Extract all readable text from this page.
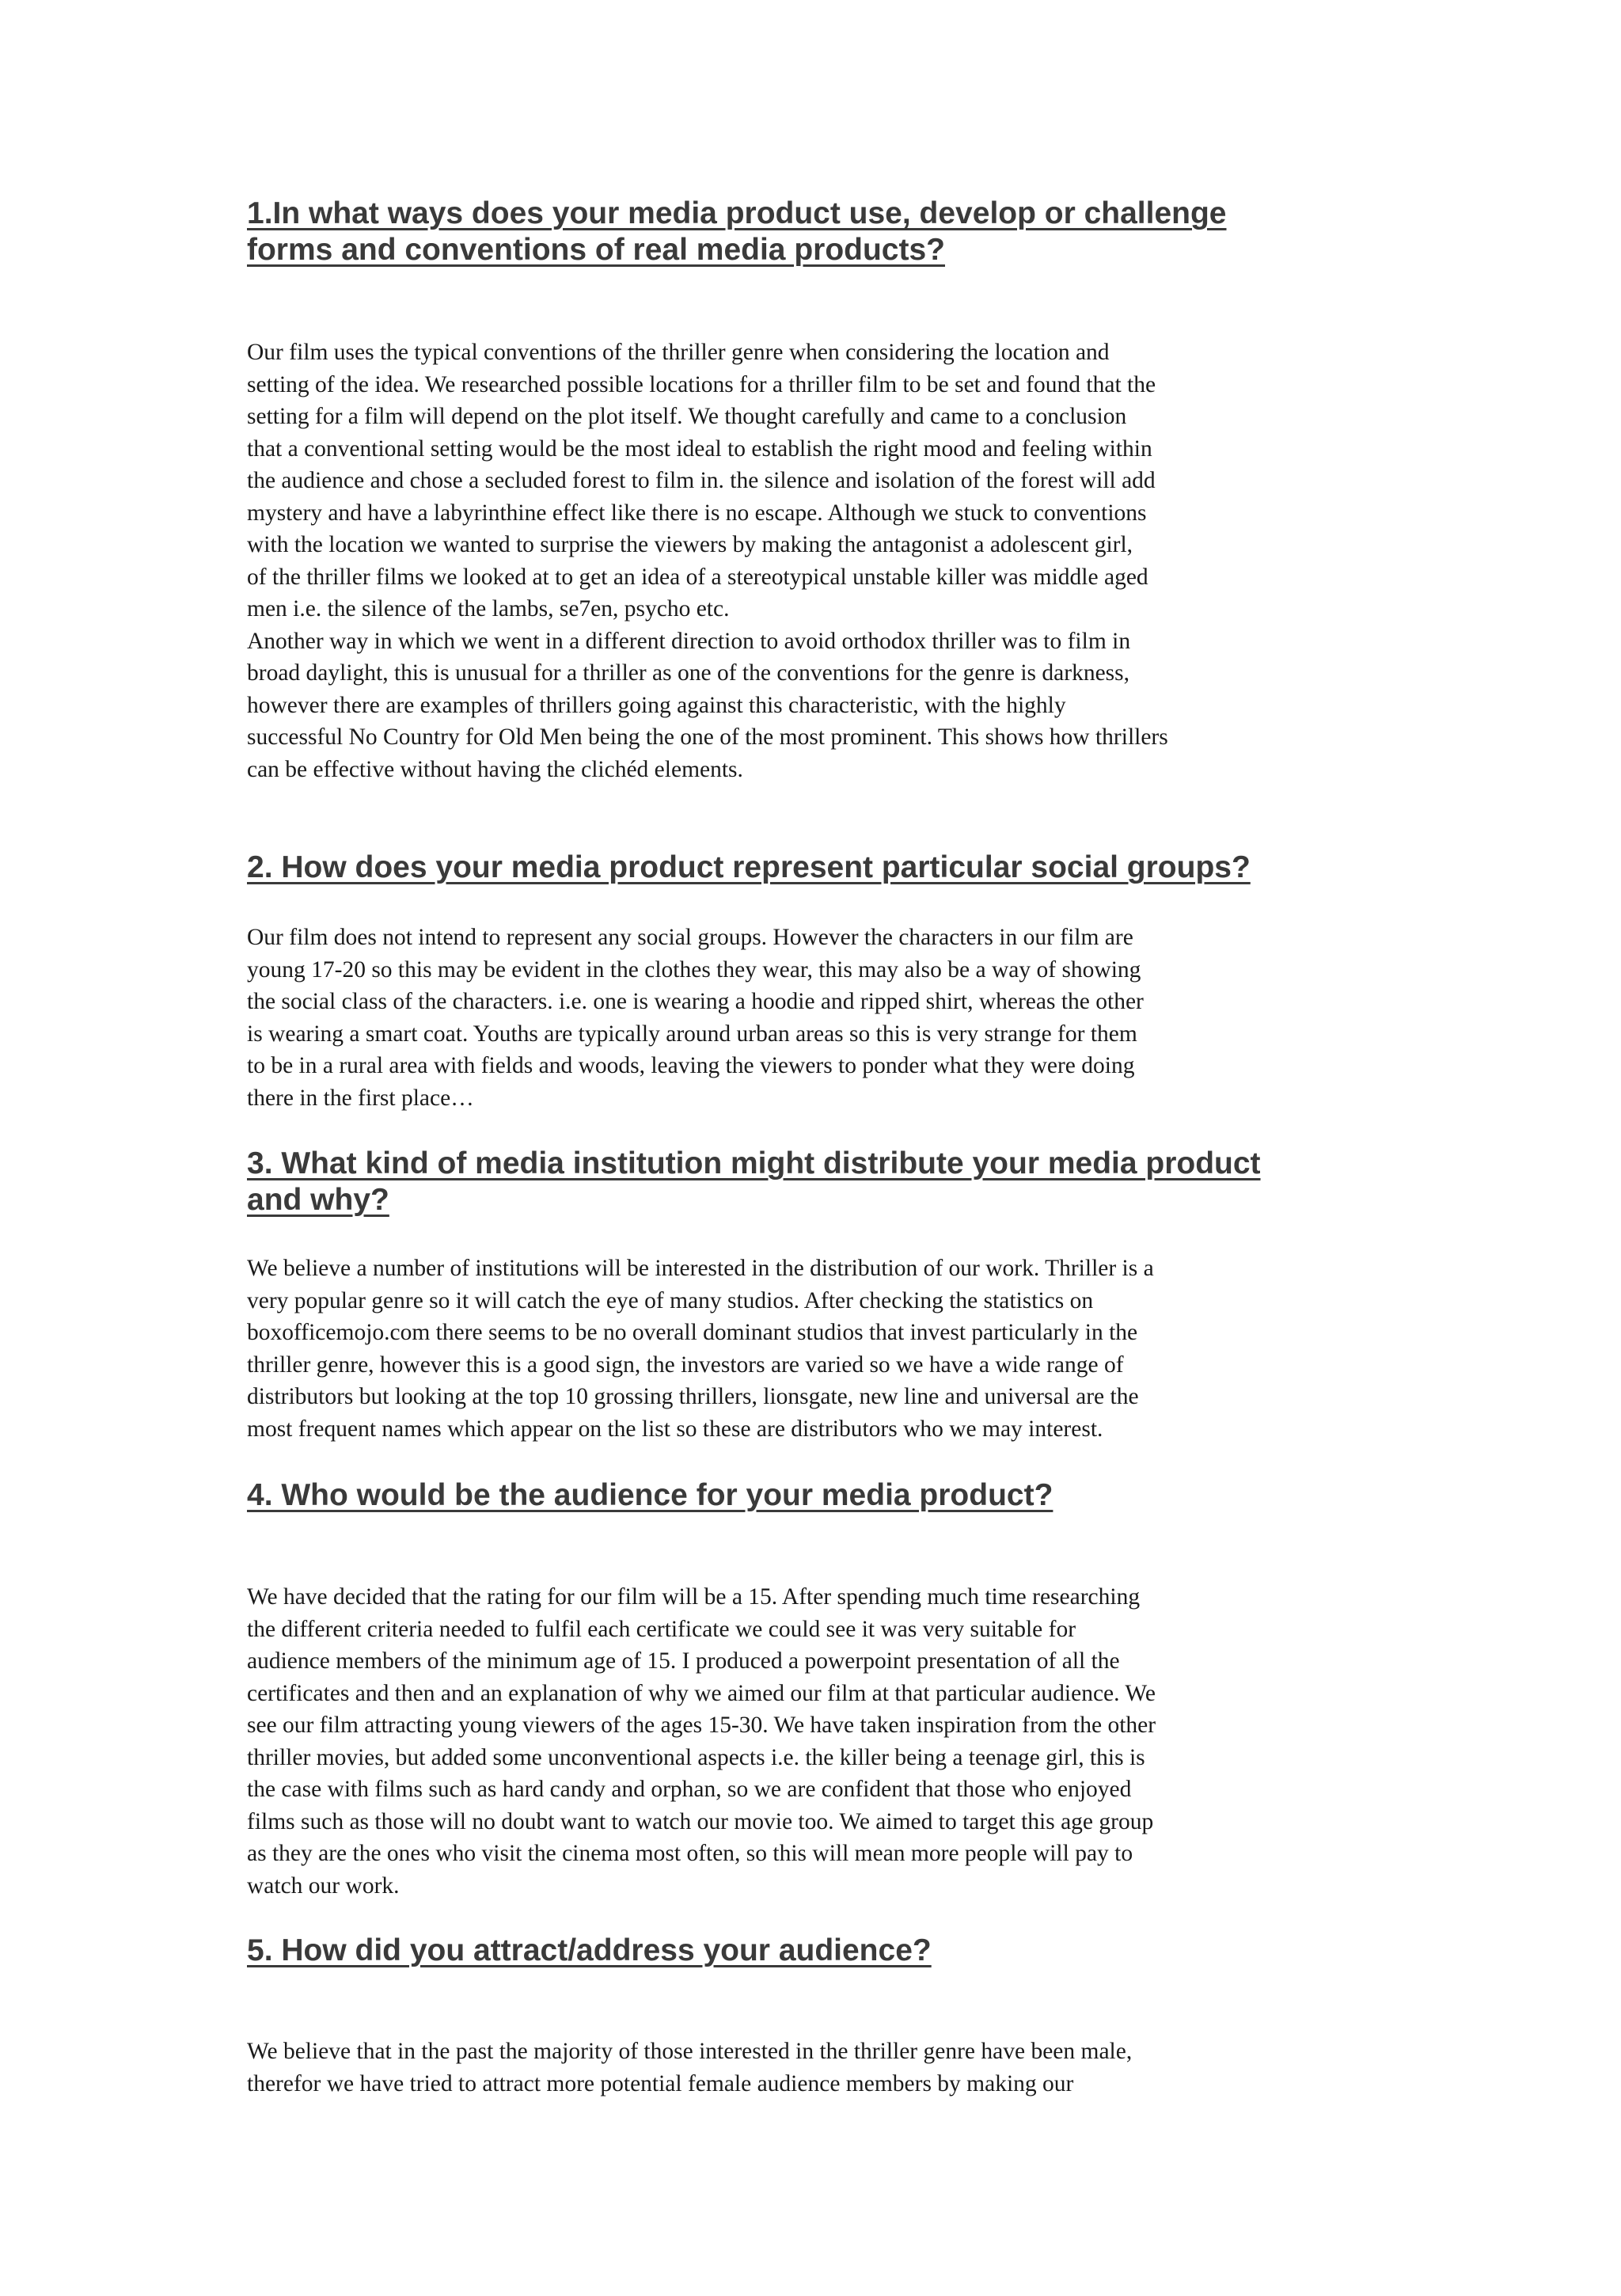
1.In what ways does your media product use, develop or challenge
forms and conventions of real media products?
Our film uses the typical conventions of the thriller genre when considering the location and
setting of the idea. We researched possible locations for a thriller film to be set and found that the
setting for a film will depend on the plot itself. We thought carefully and came to a conclusion
that a conventional setting would be the most ideal to establish the right mood and feeling within
the audience and chose a secluded forest to film in. the silence and isolation of the forest will add
mystery and have a labyrinthine effect like there is no escape. Although we stuck to conventions
with the location we wanted to surprise the viewers by making the antagonist a adolescent girl,
of the thriller films we looked at to get an idea of a stereotypical unstable killer was middle aged
men i.e. the silence of the lambs, se7en, psycho etc.
Another way in which we went in a different direction to avoid orthodox thriller was to film in
broad daylight, this is unusual for a thriller as one of the conventions for the genre is darkness,
however there are examples of thrillers going against this characteristic, with the highly
successful No Country for Old Men being the one of the most prominent. This shows how thrillers
can be effective without having the clichéd elements.
2. How does your media product represent particular social groups?
Our film does not intend to represent any social groups. However the characters in our film are
young 17-20 so this may be evident in the clothes they wear, this may also be a way of showing
the social class of the characters. i.e. one is wearing a hoodie and ripped shirt, whereas the other
is wearing a smart coat. Youths are typically around urban areas so this is very strange for them
to be in a rural area with fields and woods, leaving the viewers to ponder what they were doing
there in the first place…
3. What kind of media institution might distribute your media product
and why?
We believe a number of institutions will be interested in the distribution of our work. Thriller is a
very popular genre so it will catch the eye of many studios. After checking the statistics on
boxofficemojo.com there seems to be no overall dominant studios that invest particularly in the
thriller genre, however this is a good sign, the investors are varied so we have a wide range of
distributors but looking at the top 10 grossing thrillers, lionsgate, new line and universal are the
most frequent names which appear on the list so these are distributors who we may interest.
4. Who would be the audience for your media product?
We have decided that the rating for our film will be a 15. After spending much time researching
the different criteria needed to fulfil each certificate we could see it was very suitable for
audience members of the minimum age of 15. I produced a powerpoint presentation of all the
certificates and then and an explanation of why we aimed our film at that particular audience. We
see our film attracting young viewers of the ages 15-30. We have taken inspiration from the other
thriller movies, but added some unconventional aspects i.e. the killer being a teenage girl, this is
the case with films such as hard candy and orphan, so we are confident that those who enjoyed
films such as those will no doubt want to watch our movie too. We aimed to target this age group
as they are the ones who visit the cinema most often, so this will mean more people will pay to
watch our work.
5. How did you attract/address your audience?
We believe that in the past the majority of those interested in the thriller genre have been male,
therefor we have tried to attract more potential female audience members by making our
